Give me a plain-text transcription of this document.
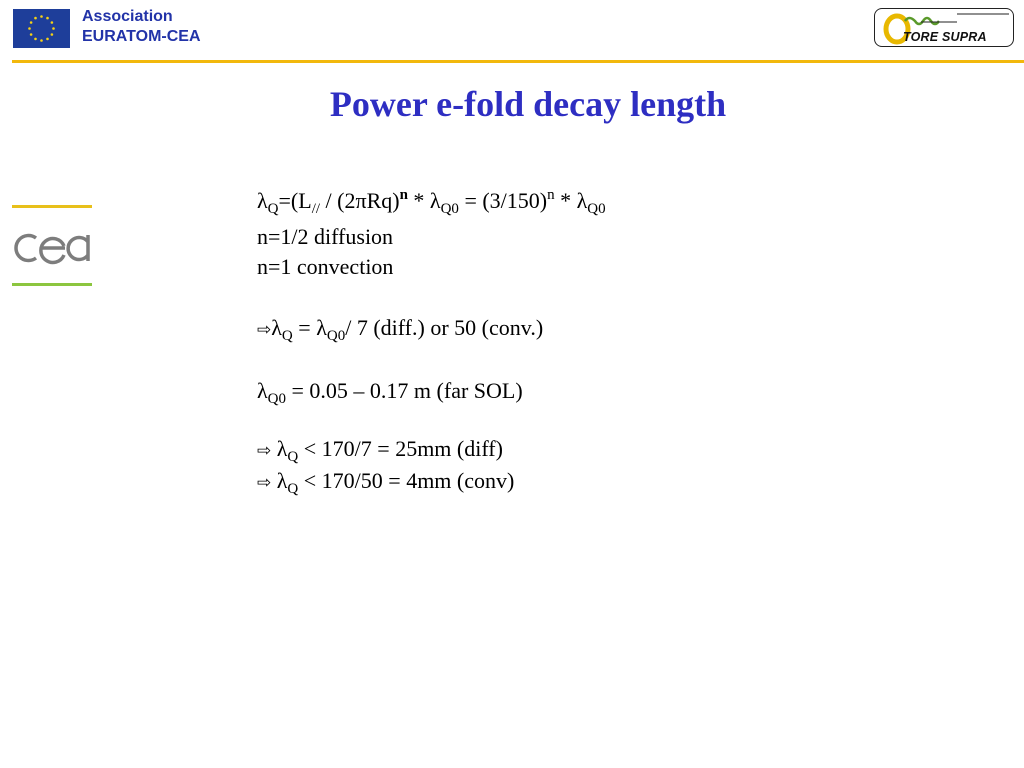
Association
EURATOM-CEA	TORE SUPRA
Power e-fold decay length

$\lambda_Q=(L_{//} / (2\pi Rq)^n * \lambda_{Q0} = (3/150)^n * \lambda_{Q0}$

n=1/2 diffusion

n=1 convection

$⇨\lambda_Q = \lambda_{Q0}/$ 7 (diff.) or 50 (conv.)

$\lambda_{Q0} = 0.05 - 0.17$ m (far SOL)

⇨ $\lambda_Q < 170/7 = 25mm$ (diff)

⇨ $\lambda_Q < 170/50 = 4mm$ (conv)
